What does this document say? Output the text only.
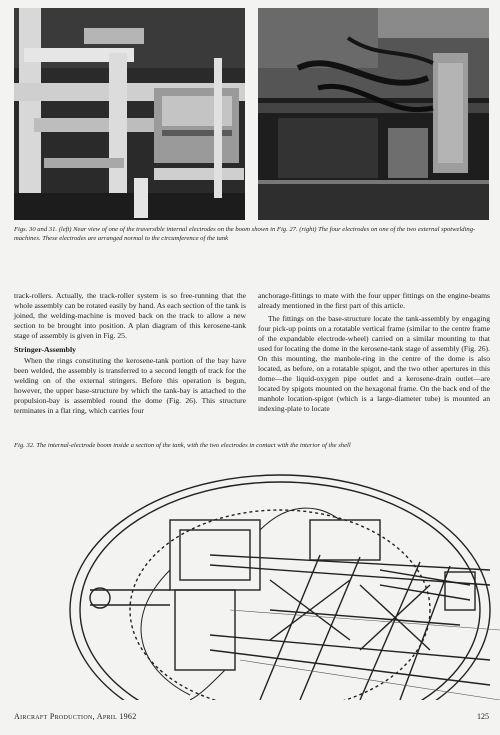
Figs. 30 and 31. (left) Near view of one of the traversible internal electrodes on the boom shown in Fig. 27. (right) The four electrodes on one of the two external spotwelding-machines. These electrodes are arranged normal to the circumference of the tank

track-rollers. Actually, the track-roller system is so free-running that the whole assembly can be rotated easily by hand. As each section of the tank is joined, the welding-machine is moved back on the track to allow a new section to be brought into position. A plan diagram of this kerosene-tank stage of assembly is given in Fig. 25.

Stringer-Assembly

When the rings constituting the kerosene-tank portion of the bay have been welded, the assembly is transferred to a second length of track for the welding on of the external stringers. Before this operation is begun, however, the upper base-structure by which the tank-bay is attached to the propulsion-bay is assembled round the dome (Fig. 26). This structure terminates in a flat ring, which carries four

anchorage-fittings to mate with the four upper fittings on the engine-beams already mentioned in the first part of this article.

The fittings on the base-structure locate the tank-assembly by engaging four pick-up points on a rotatable vertical frame (similar to the centre frame of the expandable electrode-wheel) carried on a similar mounting to that used for locating the dome in the kerosene-tank stage of assembly (Fig. 26). On this mounting, the manhole-ring in the centre of the dome is also located, as before, on a rotatable spigot, and the two other apertures in this dome—the liquid-oxygen pipe outlet and a kerosene-drain outlet—are located by spigots mounted on the hexagonal frame. On the back end of the manhole location-spigot (which is a large-diameter tube) is mounted an indexing-plate to locate

Fig. 32. The internal-electrode boom inside a section of the tank, with the two electrodes in contact with the interior of the shell
Aircraft Production, April 1962	125
